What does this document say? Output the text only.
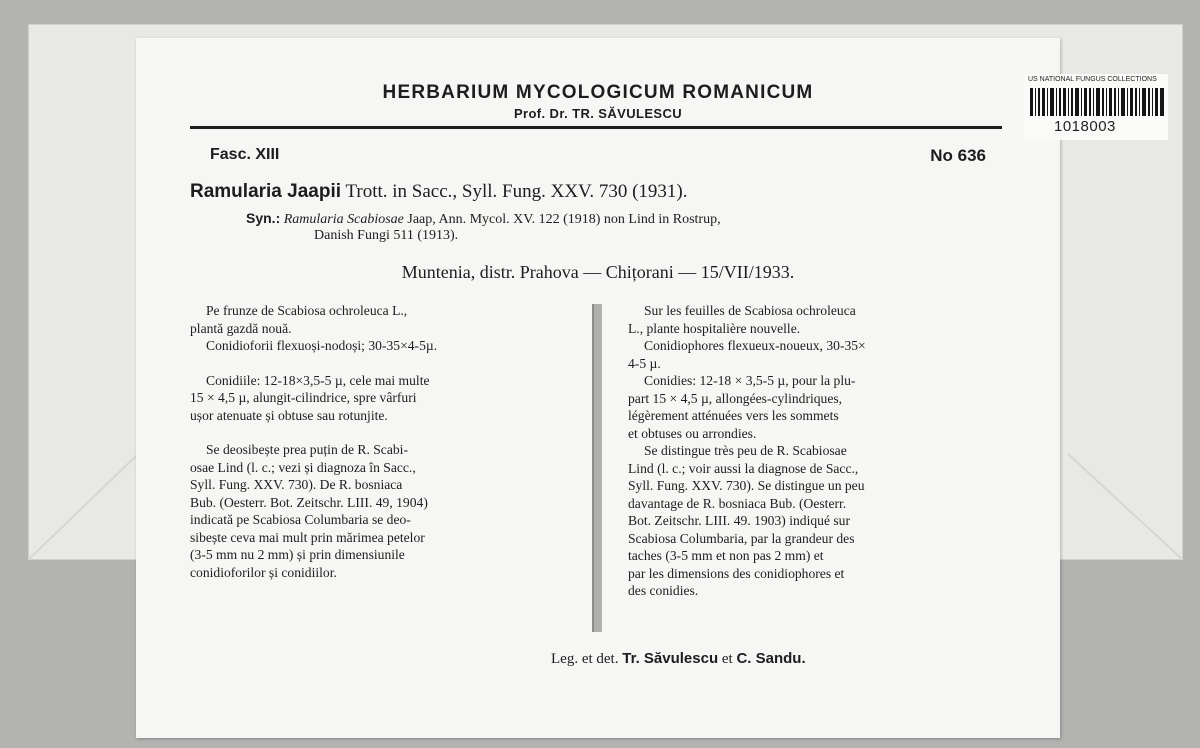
US NATIONAL FUNGUS COLLECTIONS
1018003
HERBARIUM MYCOLOGICUM ROMANICUM
Prof. Dr. TR. SĂVULESCU
Fasc. XIII	No 636
Ramularia Jaapii Trott. in Sacc., Syll. Fung. XXV. 730 (1931).
Syn.: Ramularia Scabiosae Jaap, Ann. Mycol. XV. 122 (1918) non Lind in Rostrup,
Danish Fungi 511 (1913).
Muntenia, distr. Prahova — Chițorani — 15/VII/1933.

Pe frunze de Scabiosa ochroleuca L.,

plantă gazdă nouă.

Conidioforii flexuoși-nodoși; 30-35×4-5µ.

Conidiile: 12-18×3,5-5 µ, cele mai multe

15 × 4,5 µ, alungit-cilindrice, spre vârfuri

ușor atenuate și obtuse sau rotunjite.

Se deosibește prea puțin de R. Scabi-

osae Lind (l. c.; vezi și diagnoza în Sacc.,

Syll. Fung. XXV. 730). De R. bosniaca

Bub. (Oesterr. Bot. Zeitschr. LIII. 49, 1904)

indicată pe Scabiosa Columbaria se deo-

sibește ceva mai mult prin mărimea petelor

(3-5 mm nu 2 mm) și prin dimensiunile

conidioforilor și conidiilor.

Sur les feuilles de Scabiosa ochroleuca

L., plante hospitalière nouvelle.

Conidiophores flexueux-noueux, 30-35×

4-5 µ.

Conidies: 12-18 × 3,5-5 µ, pour la plu-

part 15 × 4,5 µ, allongées-cylindriques,

légèrement atténuées vers les sommets

et obtuses ou arrondies.

Se distingue très peu de R. Scabiosae

Lind (l. c.; voir aussi la diagnose de Sacc.,

Syll. Fung. XXV. 730). Se distingue un peu

davantage de R. bosniaca Bub. (Oesterr.

Bot. Zeitschr. LIII. 49. 1903) indiqué sur

Scabiosa Columbaria, par la grandeur des

taches (3-5 mm et non pas 2 mm) et

par les dimensions des conidiophores et

des conidies.

Leg. et det. Tr. Săvulescu et C. Sandu.
